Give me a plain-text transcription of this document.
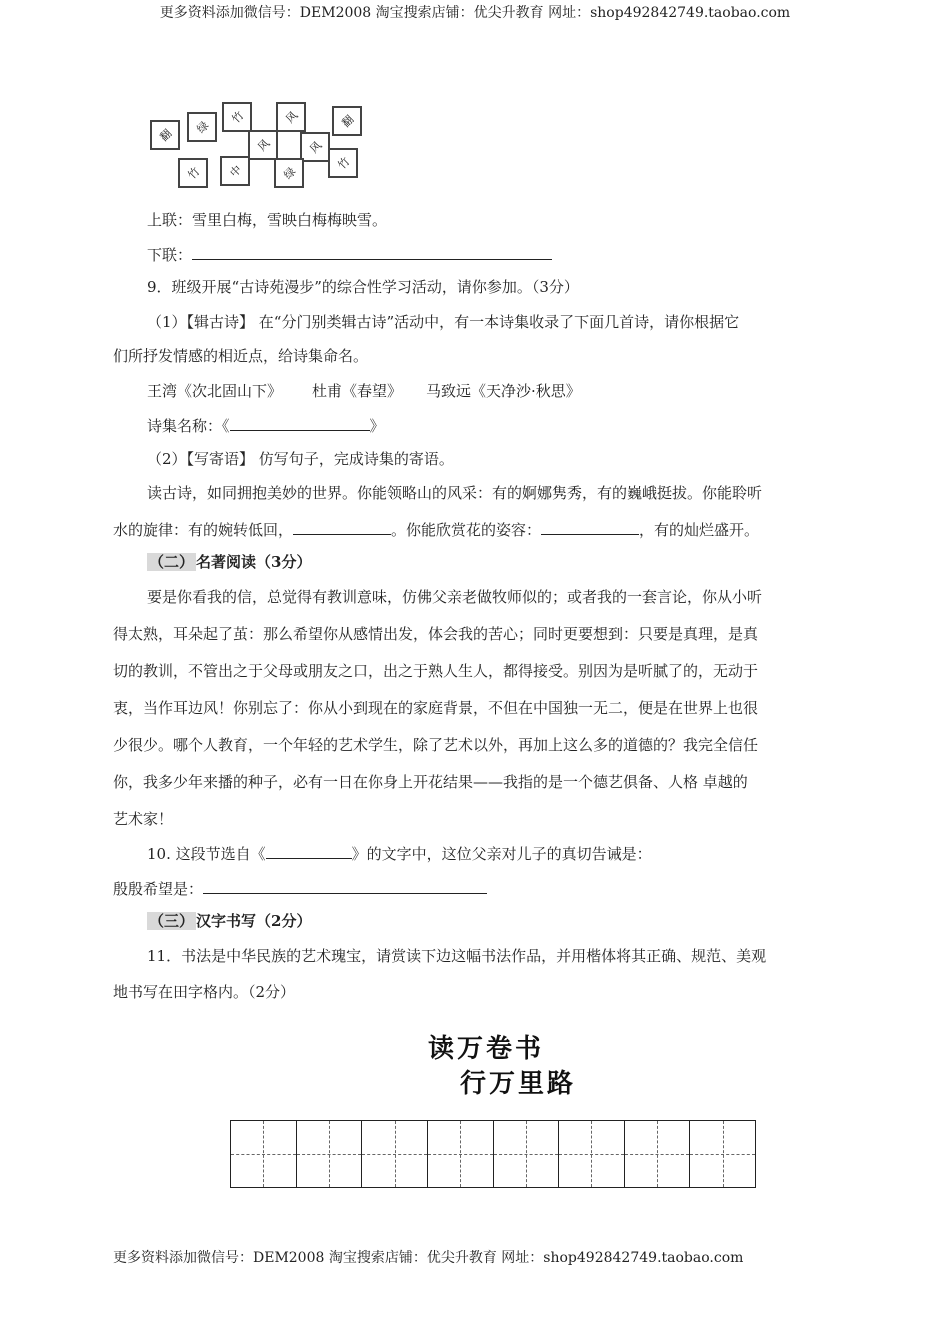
更多资料添加微信号：DEM2008 淘宝搜索店铺：优尖升教育 网址：shop492842749.taobao.com
翻 绿
竹	风	翻
风	风
竹 中	绿
竹
上联：雪里白梅，雪映白梅梅映雪。
下联：
9．班级开展“古诗苑漫步”的综合性学习活动，请你参加。（3分）
（1）【辑古诗】 在“分门别类辑古诗”活动中，有一本诗集收录了下面几首诗，请你根据它
们所抒发情感的相近点，给诗集命名。
王湾《次北固山下》 杜甫《春望》 马致远《天净沙·秋思》
诗集名称：《	》
（2）【写寄语】 仿写句子，完成诗集的寄语。
读古诗，如同拥抱美妙的世界。你能领略山的风采：有的婀娜隽秀，有的巍峨挺拔。你能聆听
水的旋律：有的婉转低回，	。你能欣赏花的姿容：	，有的灿烂盛开。
（二） 名著阅读（3分）
要是你看我的信，总觉得有教训意味，仿佛父亲老做牧师似的；或者我的一套言论，你从小听
得太熟，耳朵起了茧：那么希望你从感情出发，体会我的苦心；同时更要想到：只要是真理，是真
切的教训，不管出之于父母或朋友之口，出之于熟人生人，都得接受。别因为是听腻了的，无动于
衷，当作耳边风！你别忘了：你从小到现在的家庭背景，不但在中国独一无二，便是在世界上也很
少很少。哪个人教育，一个年轻的艺术学生，除了艺术以外，再加上这么多的道德的？我完全信任
你，我多少年来播的种子，必有一日在你身上开花结果——我指的是一个德艺俱备、人格 卓越的
艺术家！
10. 这段节选自《	》的文字中，这位父亲对儿子的真切告诫是：
殷殷希望是：
（三） 汉字书写（2分）
11．书法是中华民族的艺术瑰宝，请赏读下边这幅书法作品，并用楷体将其正确、规范、美观
地书写在田字格内。（2分）
读万卷书
行万里路
更多资料添加微信号：DEM2008 淘宝搜索店铺：优尖升教育 网址：shop492842749.taobao.com
